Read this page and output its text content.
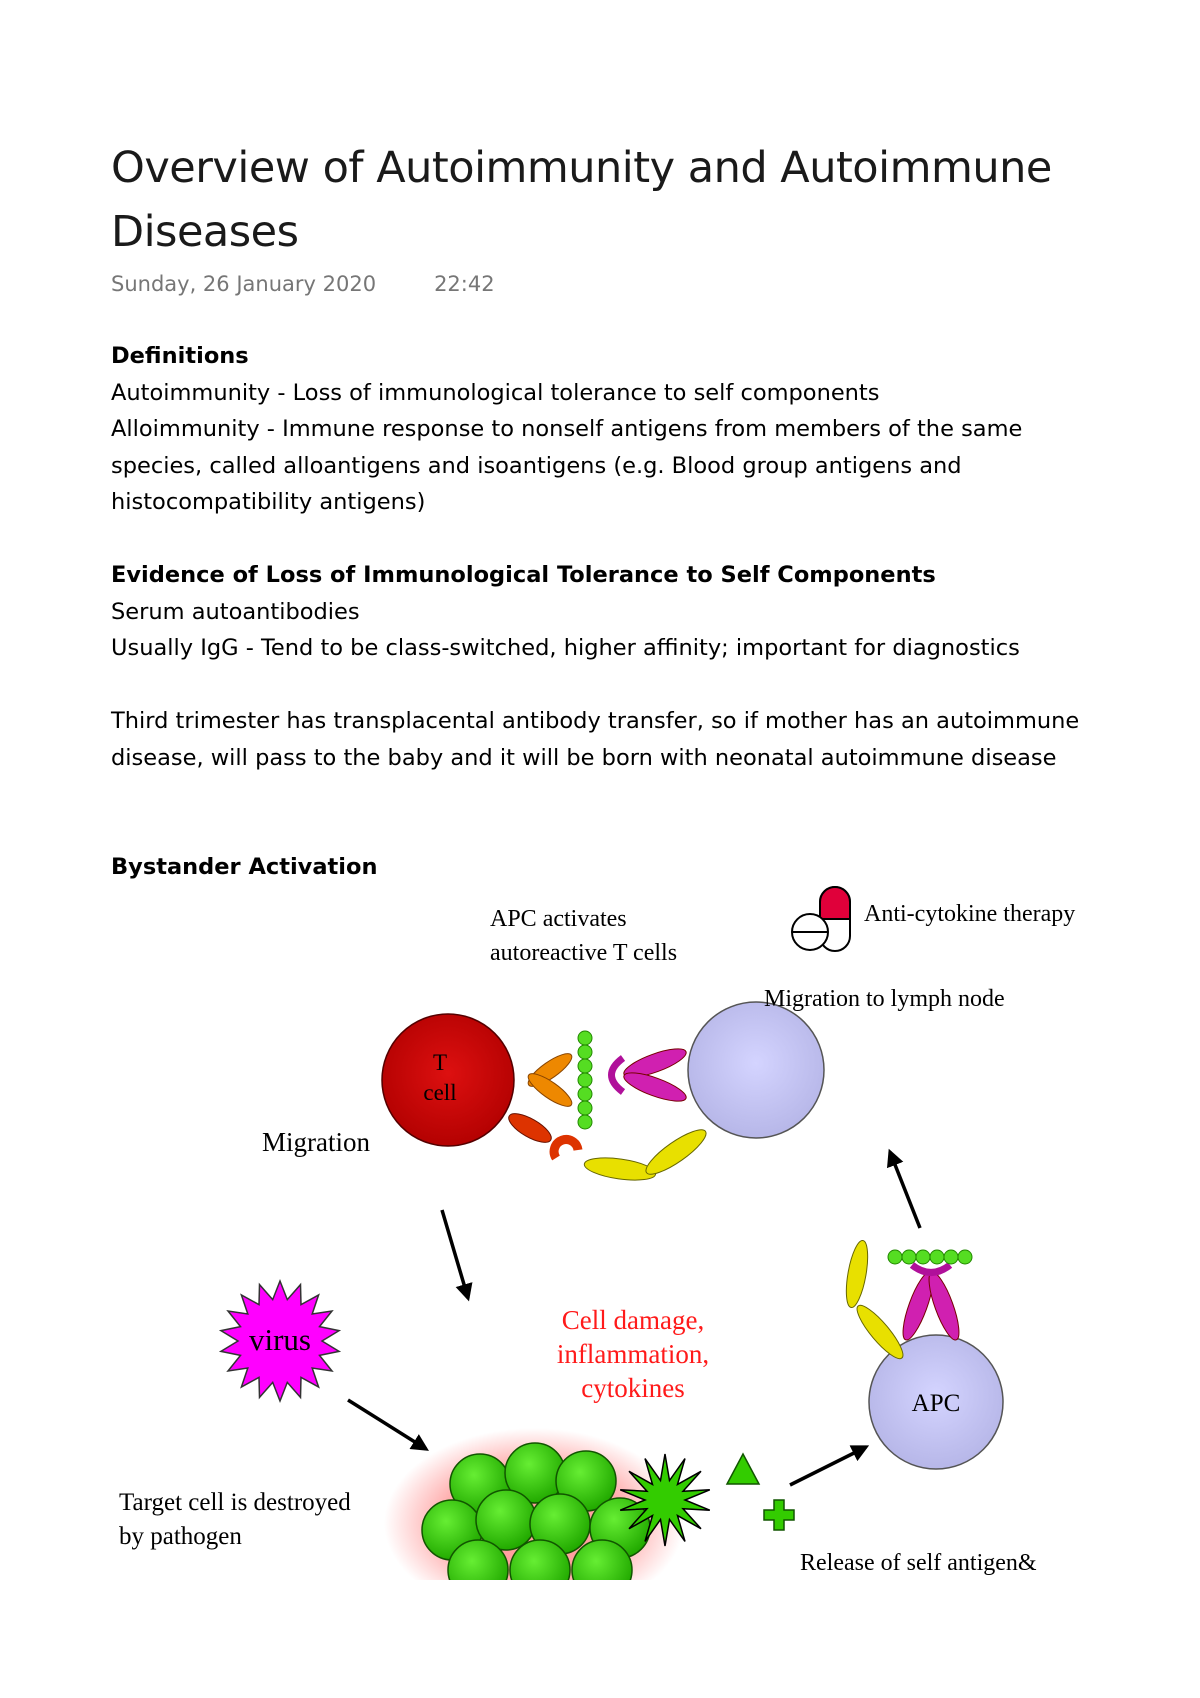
Overview of Autoimmunity and Autoimmune Diseases
Sunday, 26 January 2020	22:42

Definitions

Autoimmunity - Loss of immunological tolerance to self components

Alloimmunity - Immune response to nonself antigens from members of the same species, called alloantigens and isoantigens (e.g. Blood group antigens and histocompatibility antigens)

Evidence of Loss of Immunological Tolerance to Self Components

Serum autoantibodies

Usually IgG - Tend to be class-switched, higher affinity; important for diagnostics

Third trimester has transplacental antibody transfer, so if mother has an autoimmune disease, will pass to the baby and it will be born with neonatal autoimmune disease

Bystander Activation

APC activates
autoreactive T cells
Anti-cytokine therapy
T
cell
Migration to lymph node
Migration
virus
Cell damage,
inflammation,
cytokines
APC
Target cell is destroyed
by pathogen
Release of self antigen&
